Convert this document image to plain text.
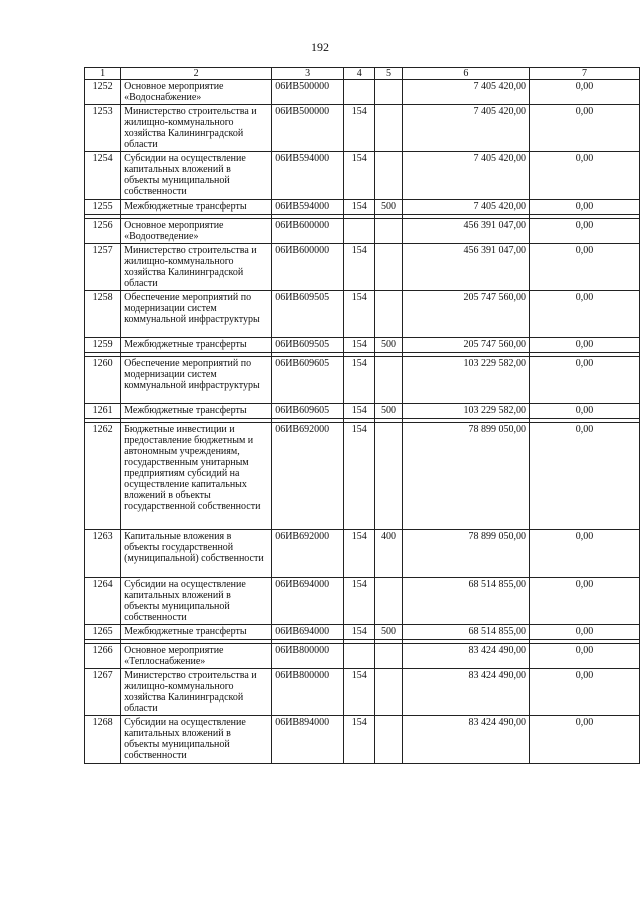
192
1	2	3	4	5	6	7
1252	Основное мероприятие «Водоснабжение»	06ИВ500000			7 405 420,00	0,00
1253	Министерство строительства и жилищно-коммунального хозяйства Калининградской области	06ИВ500000	154		7 405 420,00	0,00
1254	Субсидии на осуществление капитальных вложений в объекты муниципальной собственности	06ИВ594000	154		7 405 420,00	0,00
1255	Межбюджетные трансферты	06ИВ594000	154	500	7 405 420,00	0,00

1256	Основное мероприятие «Водоотведение»	06ИВ600000			456 391 047,00	0,00
1257	Министерство строительства и жилищно-коммунального хозяйства Калининградской области	06ИВ600000	154		456 391 047,00	0,00
1258	Обеспечение мероприятий по модернизации систем коммунальной инфраструктуры	06ИВ609505	154		205 747 560,00	0,00
1259	Межбюджетные трансферты	06ИВ609505	154	500	205 747 560,00	0,00

1260	Обеспечение мероприятий по модернизации систем коммунальной инфраструктуры	06ИВ609605	154		103 229 582,00	0,00
1261	Межбюджетные трансферты	06ИВ609605	154	500	103 229 582,00	0,00

1262	Бюджетные инвестиции и предоставление бюджетным и автономным учреждениям, государственным унитарным предприятиям субсидий на осуществление капитальных вложений в объекты государственной собственности	06ИВ692000	154		78 899 050,00	0,00
1263	Капитальные вложения в объекты государственной (муниципальной) собственности	06ИВ692000	154	400	78 899 050,00	0,00
1264	Субсидии на осуществление капитальных вложений в объекты муниципальной собственности	06ИВ694000	154		68 514 855,00	0,00
1265	Межбюджетные трансферты	06ИВ694000	154	500	68 514 855,00	0,00

1266	Основное мероприятие «Теплоснабжение»	06ИВ800000			83 424 490,00	0,00
1267	Министерство строительства и жилищно-коммунального хозяйства Калининградской области	06ИВ800000	154		83 424 490,00	0,00
1268	Субсидии на осуществление капитальных вложений в объекты муниципальной собственности	06ИВ894000	154		83 424 490,00	0,00
